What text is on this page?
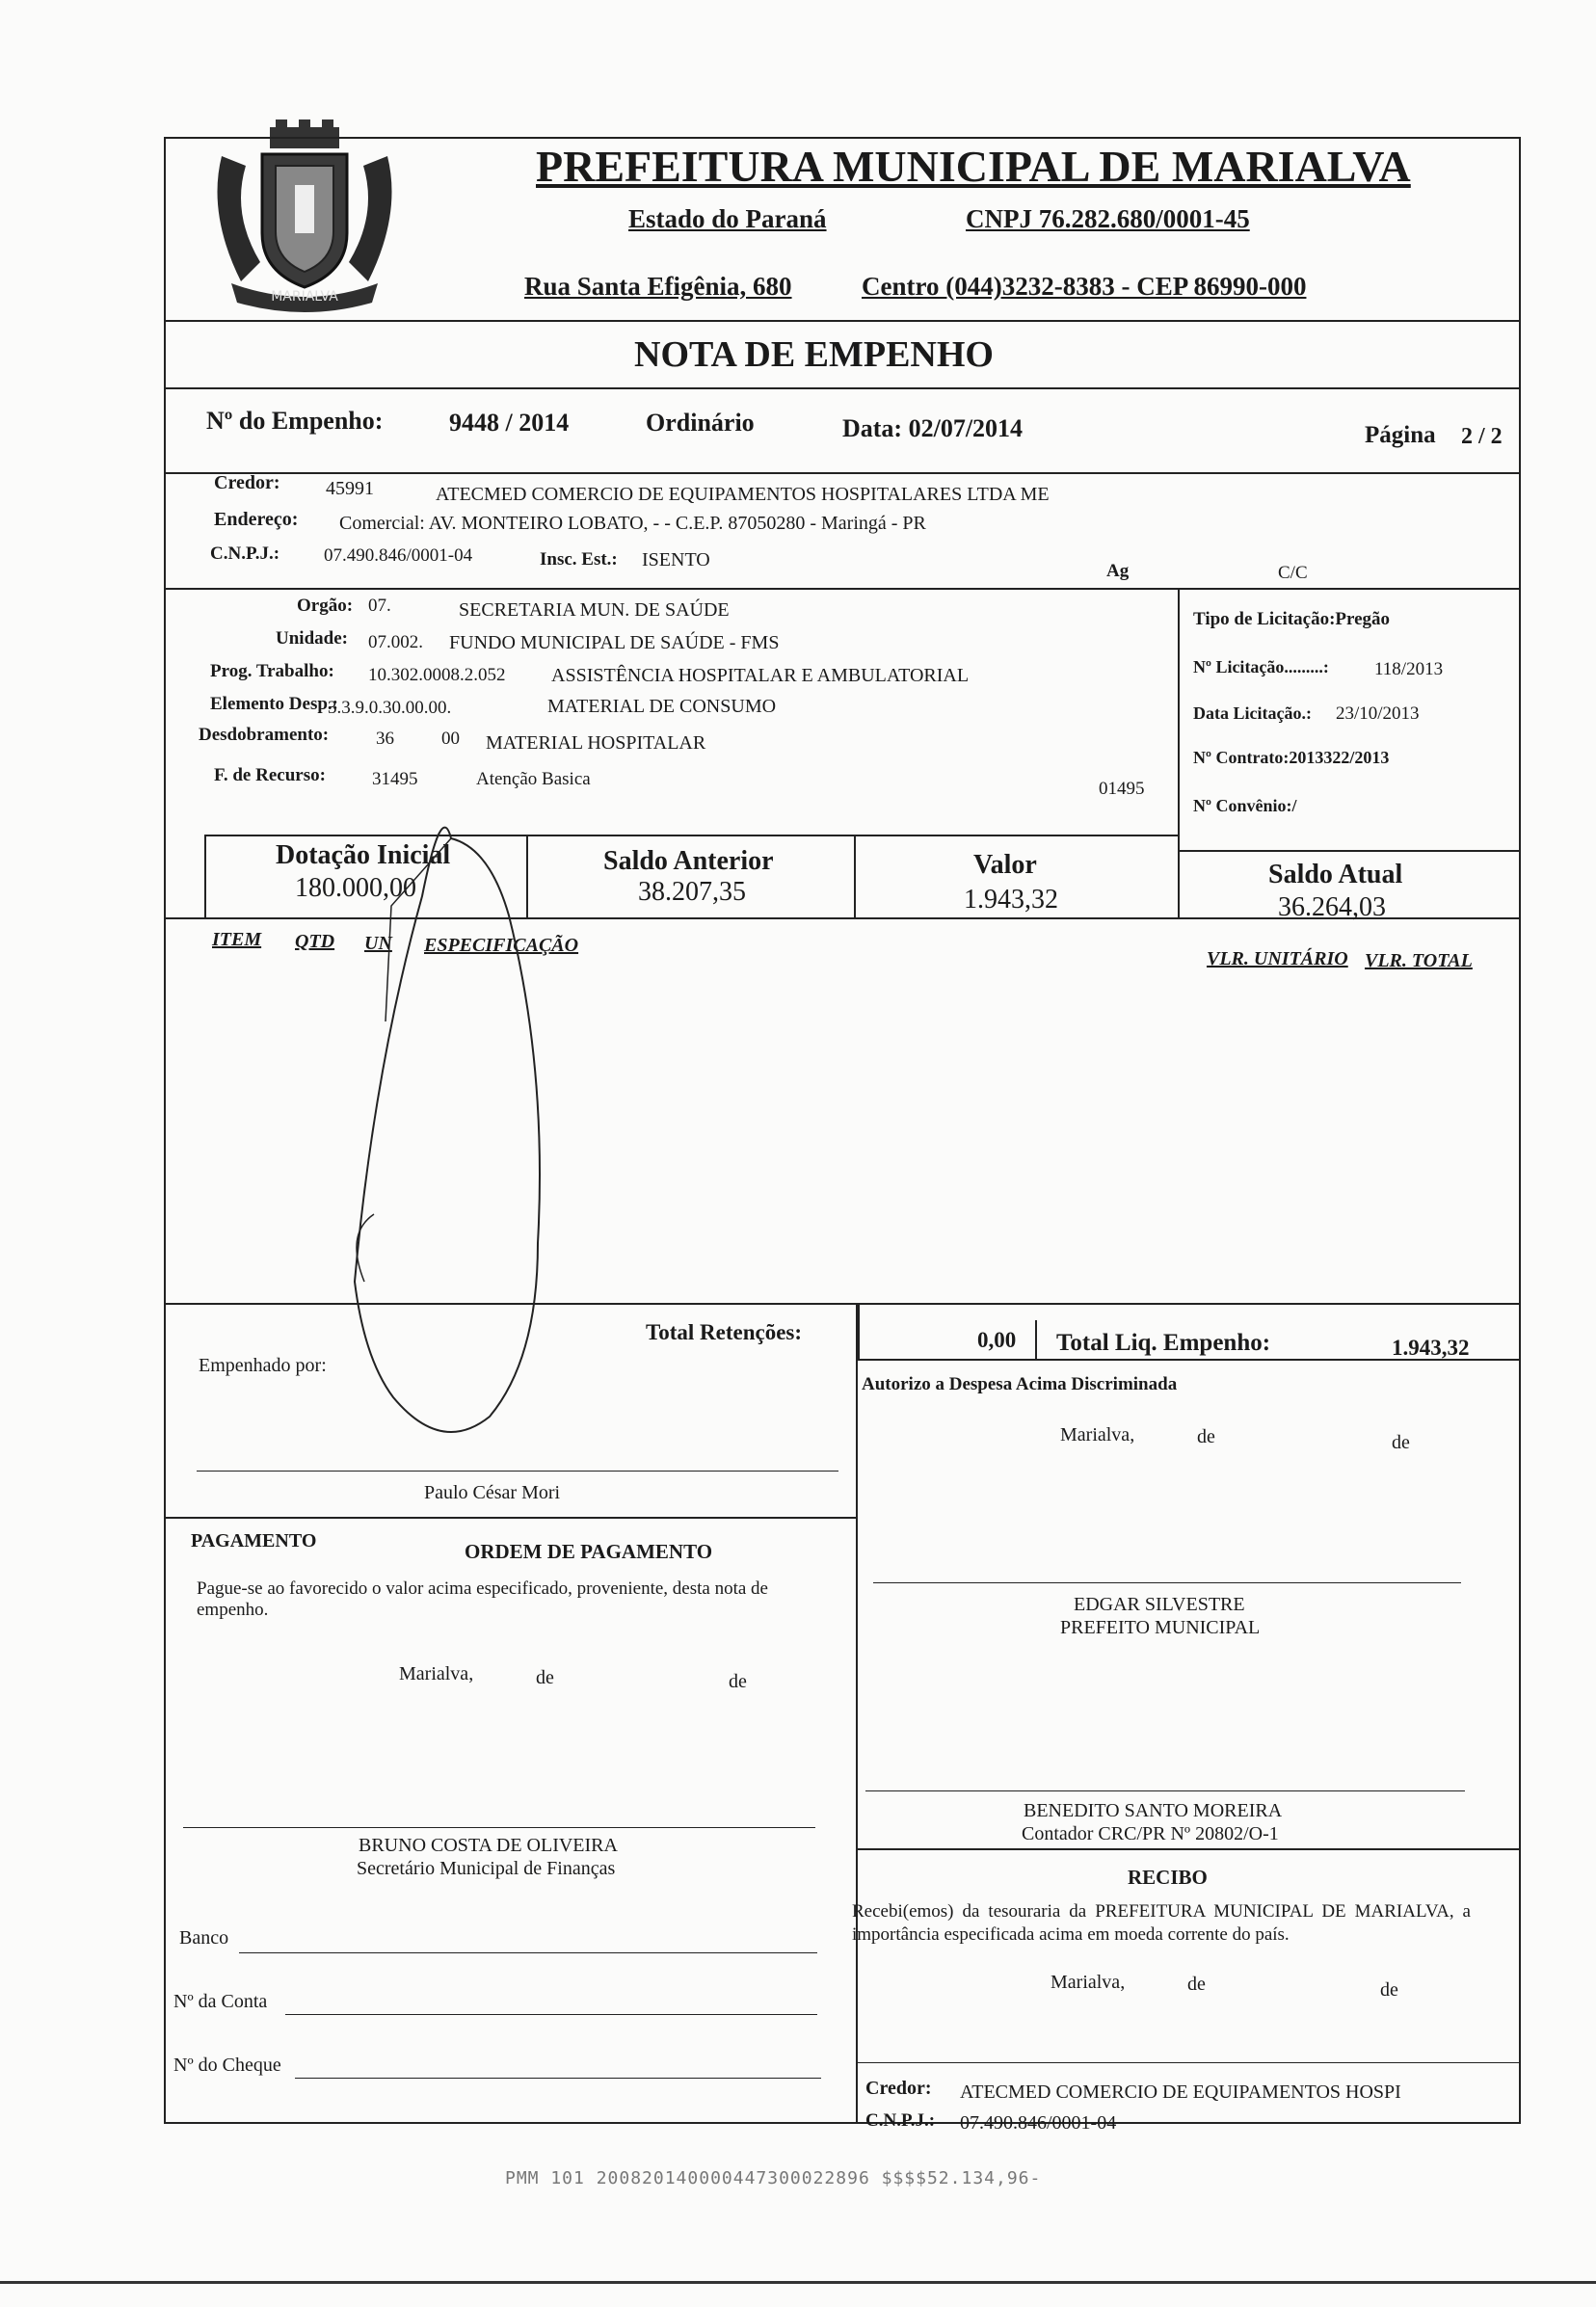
MARIALVA
PREFEITURA MUNICIPAL DE MARIALVA
Estado do Paraná	CNPJ 76.282.680/0001-45
Rua Santa Efigênia, 680	Centro (044)3232-8383 - CEP 86990-000
NOTA DE EMPENHO
Nº do Empenho:	9448 / 2014	Ordinário	Data: 02/07/2014	Página 2 / 2
Credor: 45991	ATECMED COMERCIO DE EQUIPAMENTOS HOSPITALARES LTDA ME
Endereço: Comercial: AV. MONTEIRO LOBATO, - - C.E.P. 87050280 - Maringá - PR
C.N.P.J.: 07.490.846/0001-04	Insc. Est.: ISENTO
Ag	C/C
Orgão: 07.	SECRETARIA MUN. DE SAÚDE
Unidade: 07.002. FUNDO MUNICIPAL DE SAÚDE - FMS
Prog. Trabalho: 10.302.0008.2.052 ASSISTÊNCIA HOSPITALAR E AMBULATORIAL
Elemento Desp.:
3.3.9.0.30.00.00.	MATERIAL DE CONSUMO
Desdobramento:	36	00 MATERIAL HOSPITALAR
F. de Recurso:	31495	Atenção Basica	01495
Tipo de Licitação:Pregão
Nº Licitação.........: 118/2013
Data Licitação.: 23/10/2013
Nº Contrato:2013322/2013
Nº Convênio:/
Dotação Inicial
180.000,00
Saldo Anterior
38.207,35
Valor
1.943,32
Saldo Atual
36.264,03
ITEM QTD UN ESPECIFICAÇÃO
VLR. UNITÁRIO VLR. TOTAL
Total Retenções:	0,00 Total Liq. Empenho:	1.943,32
Empenhado por:
Paulo César Mori
Autorizo a Despesa Acima Discriminada
Marialva,	de	de
PAGAMENTO	ORDEM DE PAGAMENTO
Pague-se ao favorecido o valor acima especificado, proveniente, desta nota de empenho.
Marialva,	de	de
EDGAR SILVESTRE
PREFEITO MUNICIPAL
BENEDITO SANTO MOREIRA
Contador CRC/PR Nº 20802/O-1
BRUNO COSTA DE OLIVEIRA
Secretário Municipal de Finanças	RECIBO
Recebi(emos) da tesouraria da PREFEITURA MUNICIPAL DE MARIALVA, a importância especificada acima em moeda corrente do país.
Marialva,	de	de
Banco
Nº da Conta
Nº do Cheque
Credor: ATECMED COMERCIO DE EQUIPAMENTOS HOSPI
C.N.P.J.: 07.490.846/0001-04
PMM 101 200820140000447300022896 $$$$52.134,96-
